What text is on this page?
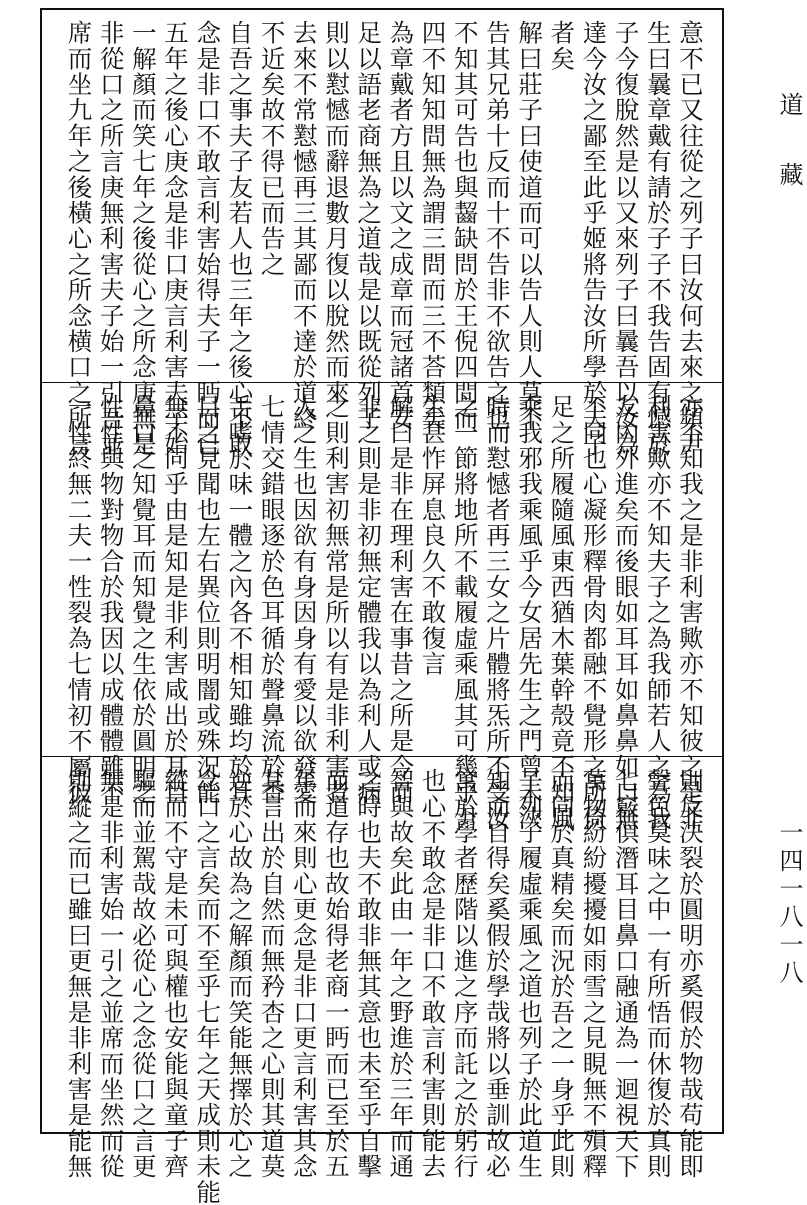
意不已又往從之列子曰汝何去來之頻尹
生曰曩章戴有請於子子不我告固有憾於
子今復脫然是以又來列子曰曩吾以汝為
達今汝之鄙至此乎姬將告汝所學於夫子
者矣
解曰莊子曰使道而可以告人則人莫不
告其兄弟十反而十不告非不欲告之也
不知其可告也與齧缺問於王倪四問而
四不知知問無為謂三問而三不荅類矣
為章戴者方且以文之成章而冠諸首安
足以語老商無為之道哉是以既從列子
則以懟憾而辭退數月復以脫然而來
去來不常懟憾再三其鄙而不達於道終
不近矣故不得已而告之
自吾之事夫子友若人也三年之後心不敢
念是非口不敢言利害始得夫子一眄而已
五年之後心庚念是非口庚言利害夫子始
一解顏而笑七年之後從心之所念庚無是
非從口之所言庚無利害夫子始一引吾並
席而坐九年之後橫心之所念横口之所言
亦不知我之是非利害歟亦不知彼之是非
利害歟亦不知夫子之為我師若人之為我
友內外進矣而後眼如耳耳如鼻鼻如口無
不同也心凝形釋骨肉都融不覺形之所倚
足之所履隨風東西猶木葉幹殼竟不知風
乘我邪我乘風乎今女居先生之門曾未浹
時而懟憾者再三女之片體將炁所不受汝
之一節將地所不載履虛乘風其可幾乎尹
生甚怍屏息良久不敢復言
解曰是非在理利害在事昔之所是今而
非之則是非初無定體我以為利人或病
之則利害初無常是所以有是非利害者
人之生也因欲有身因身有愛以欲發愛
七情交錯眼逐於色耳循於聲鼻流於香
舌嗜於味一體之內各不相知雖均於耳
目之見聞也左右異位則明闇或殊況能
無不同乎由是知是非利害咸出於耳目
鼻口之知覺耳而知覺之生依於圓明之
性性與物對物合於我因以成體體雖不
一性終無二夫一性裂為七情初不屬彼
則反決裂於圓明亦奚假於物哉苟能即
聲色臭味之中一有所悟而休復於真則
七竅俱潛耳目鼻口融通為一迴視天下
萬物紛紛擾擾如雨雪之見睍無不殞釋
而同於真精矣而況於吾之一身乎此則
子列子履虛乘風之道也列子於此道生
知而自得矣奚假於學哉將以垂訓故必
寓於學者歷階以進之序而託之於躬行
也心不敢念是非口不敢言利害則能去
智與故矣此由一年之野進於三年而通
之時也夫不敢非無其意也未至乎自擊
而道存也故始得老商一眄而已至於五
年而來則心更念是非口更言利害其念
其言出於自然而無矜杏之心則其道莫
逆於心故為之解顏而笑能無擇於心之
念口之言矣而不至乎七年之天成則未能
縱而不守是未可與權也安能與童子齊
驅而並駕哉故必從心之念從口之言更
無是非利害始一引之並席而坐然而從
則縱之而已雖曰更無是非利害是能無
道藏
一四一八一八
